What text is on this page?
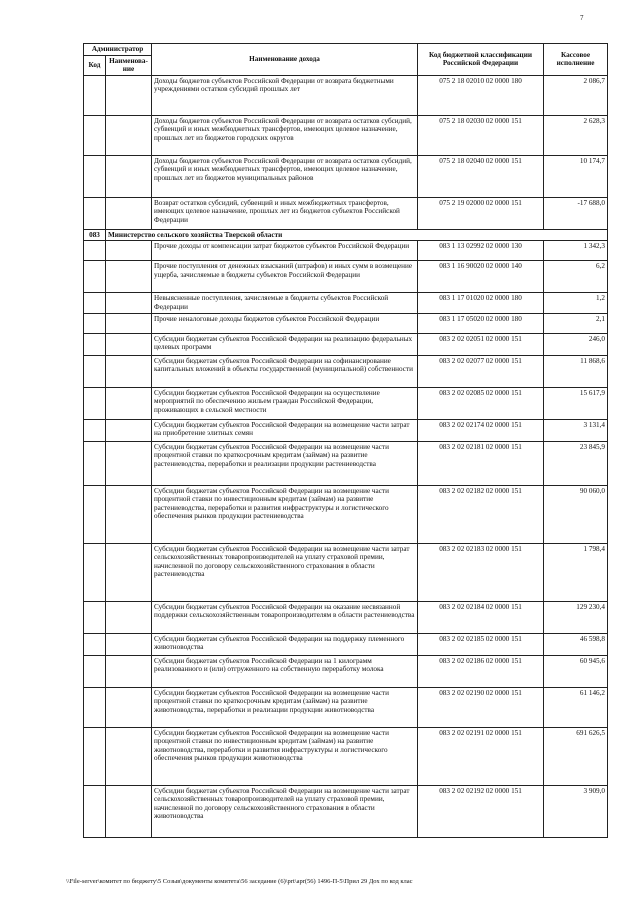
7
Администратор		Наименование дохода	Код бюджетной классификации Российской Федерации	Кассовое исполнение
Код	Наименова-ние			
		Доходы бюджетов субъектов Российской Федерации от возврата бюджетными учреждениями остатков субсидий прошлых лет	075 2 18 02010 02 0000 180	2 086,7
		Доходы бюджетов субъектов Российской Федерации от возврата остатков субсидий, субвенций и иных межбюджетных трансфертов, имеющих целевое назначение, прошлых лет из бюджетов городских округов	075 2 18 02030 02 0000 151	2 628,3
		Доходы бюджетов субъектов Российской Федерации от возврата остатков субсидий, субвенций и иных межбюджетных трансфертов, имеющих целевое назначение, прошлых лет из бюджетов муниципальных районов	075 2 18 02040 02 0000 151	10 174,7
		Возврат остатков субсидий, субвенций и иных межбюджетных трансфертов, имеющих целевое назначение, прошлых лет из бюджетов субъектов Российской Федерации	075 2 19 02000 02 0000 151	-17 688,0
083	Министерство сельского хозяйства Тверской области			
		Прочие доходы от компенсации затрат бюджетов субъектов Российской Федерации	083 1 13 02992 02 0000 130	1 342,3
		Прочие поступления от денежных взысканий (штрафов) и иных сумм в возмещение ущерба, зачисляемые в бюджеты субъектов Российской Федерации	083 1 16 90020 02 0000 140	6,2
		Невыясненные поступления, зачисляемые в бюджеты субъектов Российской Федерации	083 1 17 01020 02 0000 180	1,2
		Прочие неналоговые доходы бюджетов субъектов Российской Федерации	083 1 17 05020 02 0000 180	2,1
		Субсидии бюджетам субъектов Российской Федерации на реализацию федеральных целевых программ	083 2 02 02051 02 0000 151	246,0
		Субсидии бюджетам субъектов Российской Федерации на софинансирование капитальных вложений в объекты государственной (муниципальной) собственности	083 2 02 02077 02 0000 151	11 868,6
		Субсидии бюджетам субъектов Российской Федерации на осуществление мероприятий по обеспечению жильем граждан Российской Федерации, проживающих в сельской местности	083 2 02 02085 02 0000 151	15 617,9
		Субсидии бюджетам субъектов Российской Федерации на возмещение части затрат на приобретение элитных семян	083 2 02 02174 02 0000 151	3 131,4
		Субсидии бюджетам субъектов Российской Федерации на возмещение части процентной ставки по краткосрочным кредитам (займам) на развитие растениеводства, переработки и реализации продукции растениеводства	083 2 02 02181 02 0000 151	23 845,9
		Субсидии бюджетам субъектов Российской Федерации на возмещение части процентной ставки по инвестиционным кредитам (займам) на развитие растениеводства, переработки и развития инфраструктуры и логистического обеспечения рынков продукции растениеводства	083 2 02 02182 02 0000 151	90 060,0
		Субсидии бюджетам субъектов Российской Федерации на возмещение части затрат сельскохозяйственных товаропроизводителей на уплату страховой премии, начисленной по договору сельскохозяйственного страхования в области растениеводства	083 2 02 02183 02 0000 151	1 798,4
		Субсидии бюджетам субъектов Российской Федерации на оказание несвязанной поддержки сельскохозяйственным товаропроизводителям в области растениеводства	083 2 02 02184 02 0000 151	129 230,4
		Субсидии бюджетам субъектов Российской Федерации на поддержку племенного животноводства	083 2 02 02185 02 0000 151	46 598,8
		Субсидии бюджетам субъектов Российской Федерации на 1 килограмм реализованного и (или) отгруженного на собственную переработку молока	083 2 02 02186 02 0000 151	60 945,6
		Субсидии бюджетам субъектов Российской Федерации на возмещение части процентной ставки по краткосрочным кредитам (займам) на развитие животноводства, переработки и реализации продукции животноводства	083 2 02 02190 02 0000 151	61 146,2
		Субсидии бюджетам субъектов Российской Федерации на возмещение части процентной ставки по инвестиционным кредитам (займам) на развитие животноводства, переработки и развития инфраструктуры и логистического обеспечения рынков продукции животноводства	083 2 02 02191 02 0000 151	691 626,5
		Субсидии бюджетам субъектов Российской Федерации на возмещение части затрат сельскохозяйственных товаропроизводителей на уплату страховой премии, начисленной по договору сельскохозяйственного страхования в области животноводства	083 2 02 02192 02 0000 151	3 909,0
\\File-server\комитет по бюджету\5 Созыв\документы комитета\56 заседание (6)\prt\apr(56) 1496-П-5\Прил 29 Дох по код клас
